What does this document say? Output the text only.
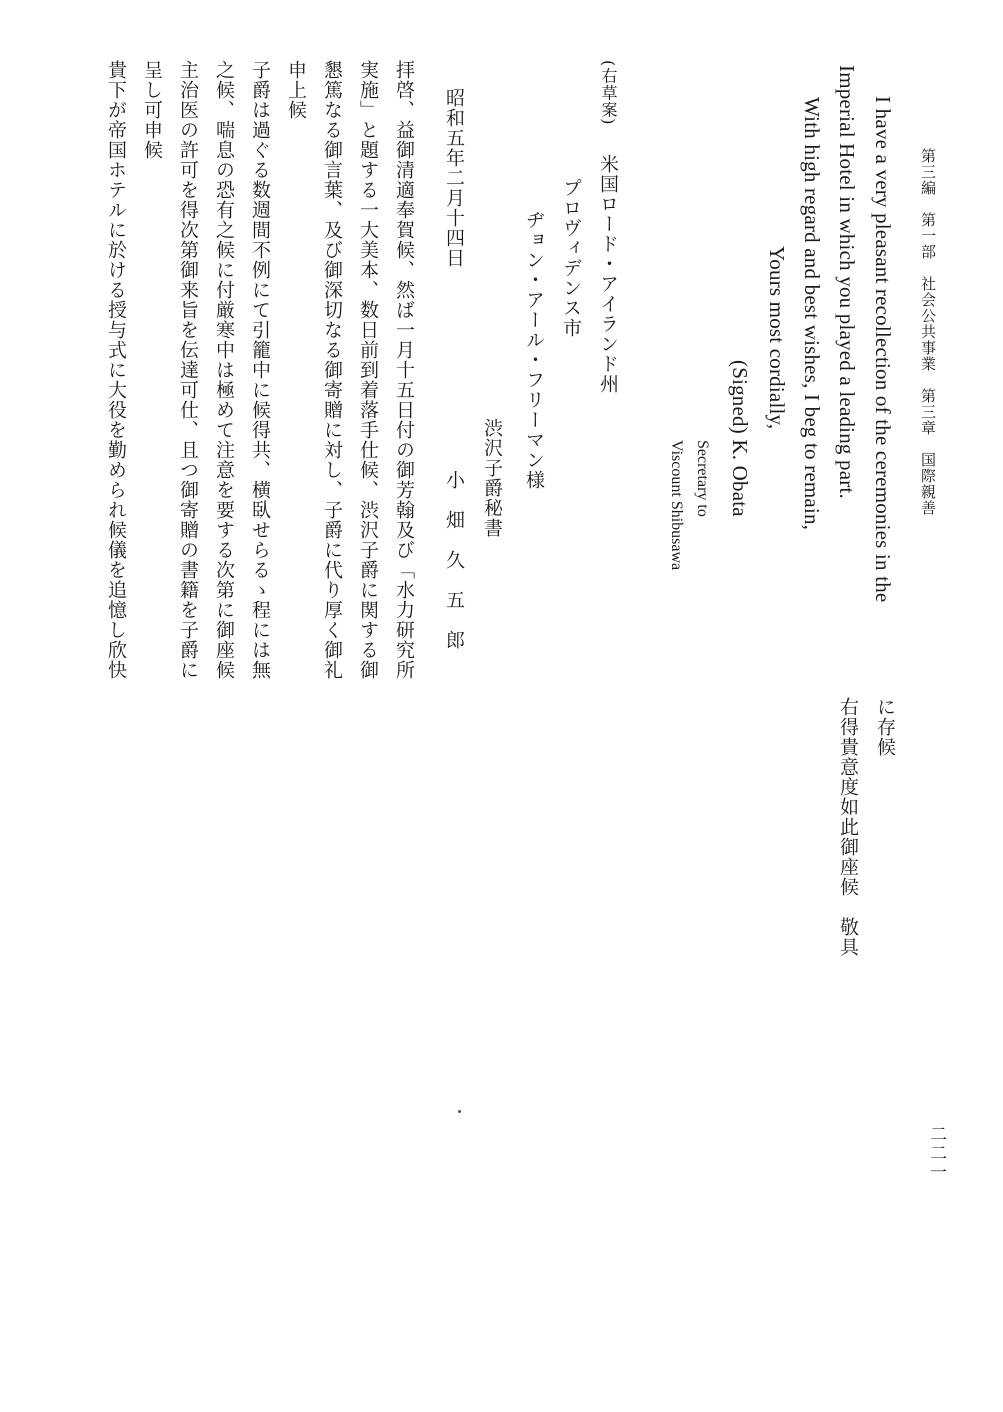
第三編　第一部　社会公共事業　第三章　国際親善
I have a very pleasant recollection of the ceremonies in the
Imperial Hotel in which you played a leading part.
With high regard and best wishes, I beg to remain,
Yours most cordially,
(Signed) K. Obata
Secretary to
Viscount Shibusawa
に存候
右得貴意度如此御座候　敬具
(右草案)
米国ロード・アイランド州
プロヴィデンス市
ヂョン・アール・フリーマン様
渋沢子爵秘書
昭和五年二月十四日
小　畑　久　五　郎
拝啓、益御清適奉賀候、然ば一月十五日付の御芳翰及び「水力研究所
実施」と題する一大美本、数日前到着落手仕候、渋沢子爵に関する御
懇篤なる御言葉、及び御深切なる御寄贈に対し、子爵に代り厚く御礼
申上候
子爵は過ぐる数週間不例にて引籠中に候得共、横臥せらるゝ程には無
之候、喘息の恐有之候に付厳寒中は極めて注意を要する次第に御座候
主治医の許可を得次第御来旨を伝達可仕、且つ御寄贈の書籍を子爵に
呈し可申候
貴下が帝国ホテルに於ける授与式に大役を勤められ候儀を追憶し欣快
二二一
